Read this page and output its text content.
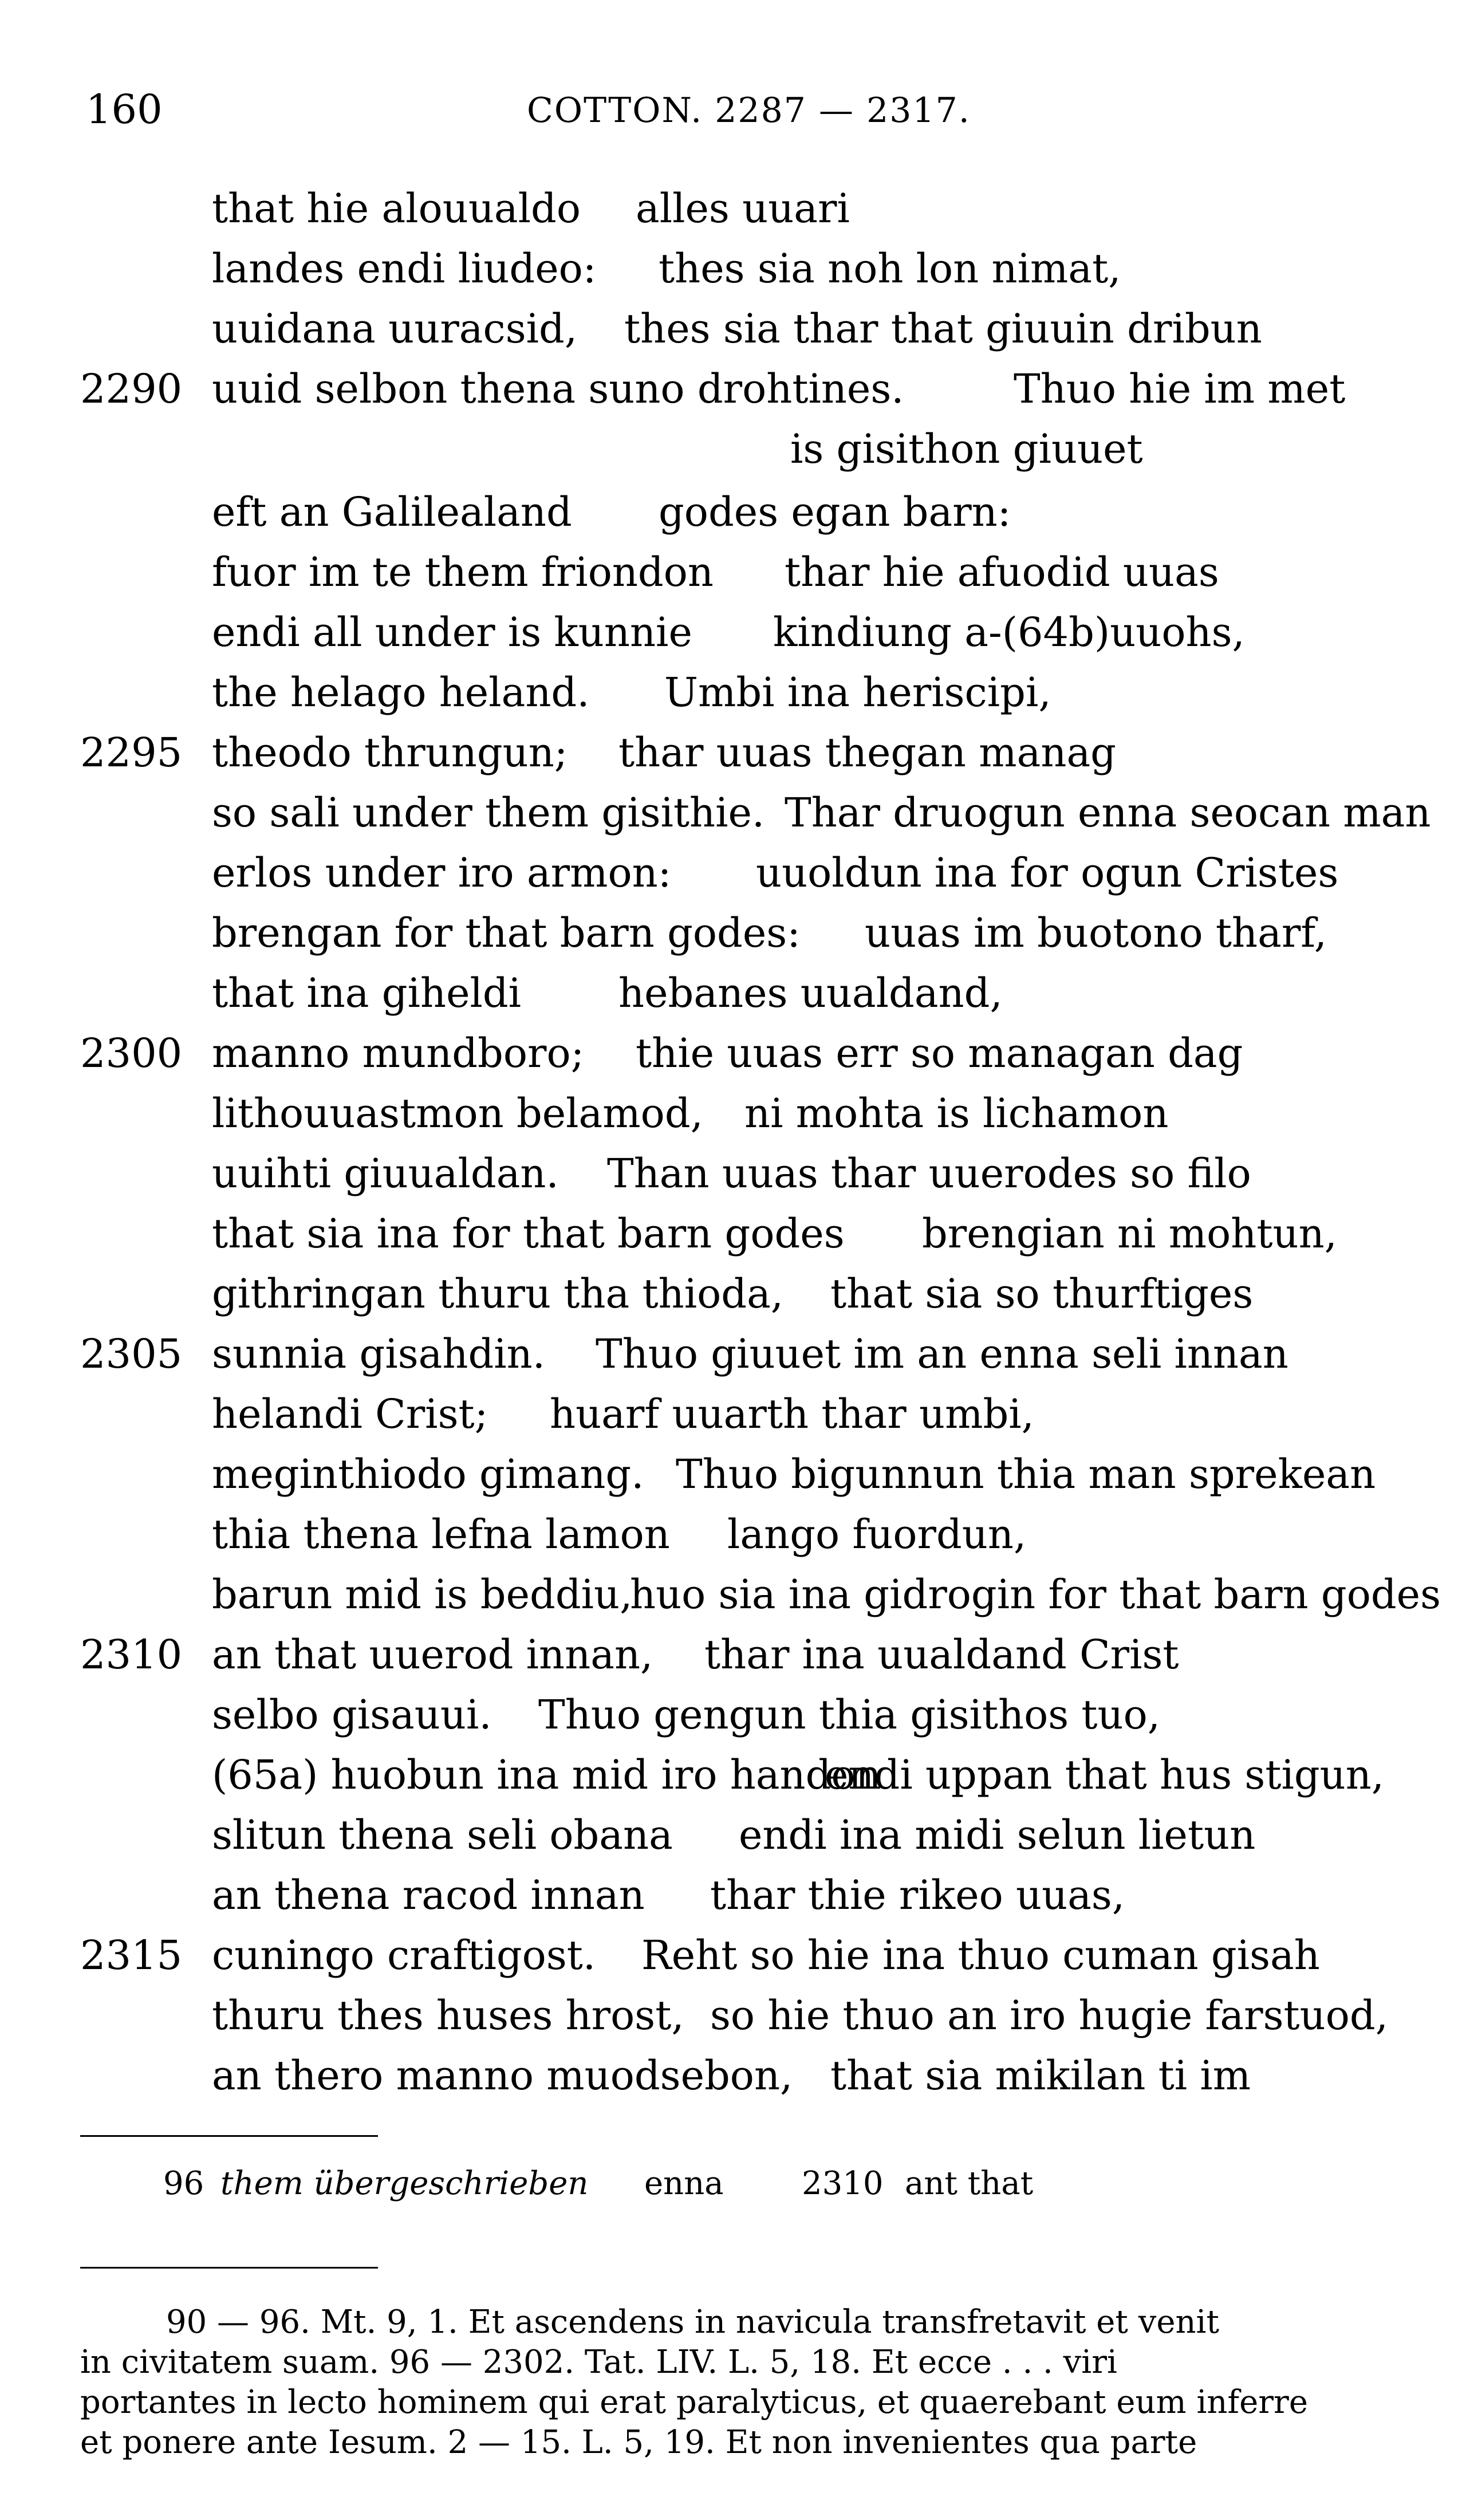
160	COTTON. 2287 — 2317.
that hie alouualdo alles uuari
landes endi liudeo: thes sia noh lon nimat,
uuidana uuracsid, thes sia thar that giuuin dribun
2290 uuid selbon thena suno drohtines.	Thuo hie im met
is gisithon giuuet
eft an Galilealand godes egan barn:
fuor im te them friondon thar hie afuodid uuas
endi all under is kunnie kindiung a-(64b)uuohs,
the helago heland. Umbi ina heriscipi,
2295 theodo thrungun; thar uuas thegan manag
so sali under them gisithie. Thar druogun enna seocan man
erlos under iro armon: uuoldun ina for ogun Cristes
brengan for that barn godes: uuas im buotono tharf,
that ina giheldi hebanes uualdand,
2300 manno mundboro; thie uuas err so managan dag
lithouuastmon belamod, ni mohta is lichamon
uuihti giuualdan. Than uuas thar uuerodes so filo
that sia ina for that barn godes brengian ni mohtun,
githringan thuru tha thioda, that sia so thurftiges
2305 sunnia gisahdin. Thuo giuuet im an enna seli innan
helandi Crist; huarf uuarth thar umbi,
meginthiodo gimang. Thuo bigunnun thia man sprekean
thia thena lefna lamon lango fuordun,
barun mid is beddiu,
huo sia ina gidrogin for that barn godes
2310 an that uuerod innan, thar ina uualdand Crist
selbo gisauui. Thuo gengun thia gisithos tuo,
(65a) huobun ina mid iro handon
endi uppan that hus stigun,
slitun thena seli obana endi ina midi selun lietun
an thena racod innan thar thie rikeo uuas,
2315 cuningo craftigost. Reht so hie ina thuo cuman gisah
thuru thes huses hrost, so hie thuo an iro hugie farstuod,
an thero manno muodsebon, that sia mikilan ti im
96 them übergeschrieben enna 2310 ant that
90 — 96. Mt. 9, 1. Et ascendens in navicula transfretavit et venit
in civitatem suam. 96 — 2302. Tat. LIV. L. 5, 18. Et ecce . . . viri
portantes in lecto hominem qui erat paralyticus, et quaerebant eum inferre
et ponere ante Iesum. 2 — 15. L. 5, 19. Et non invenientes qua parte
